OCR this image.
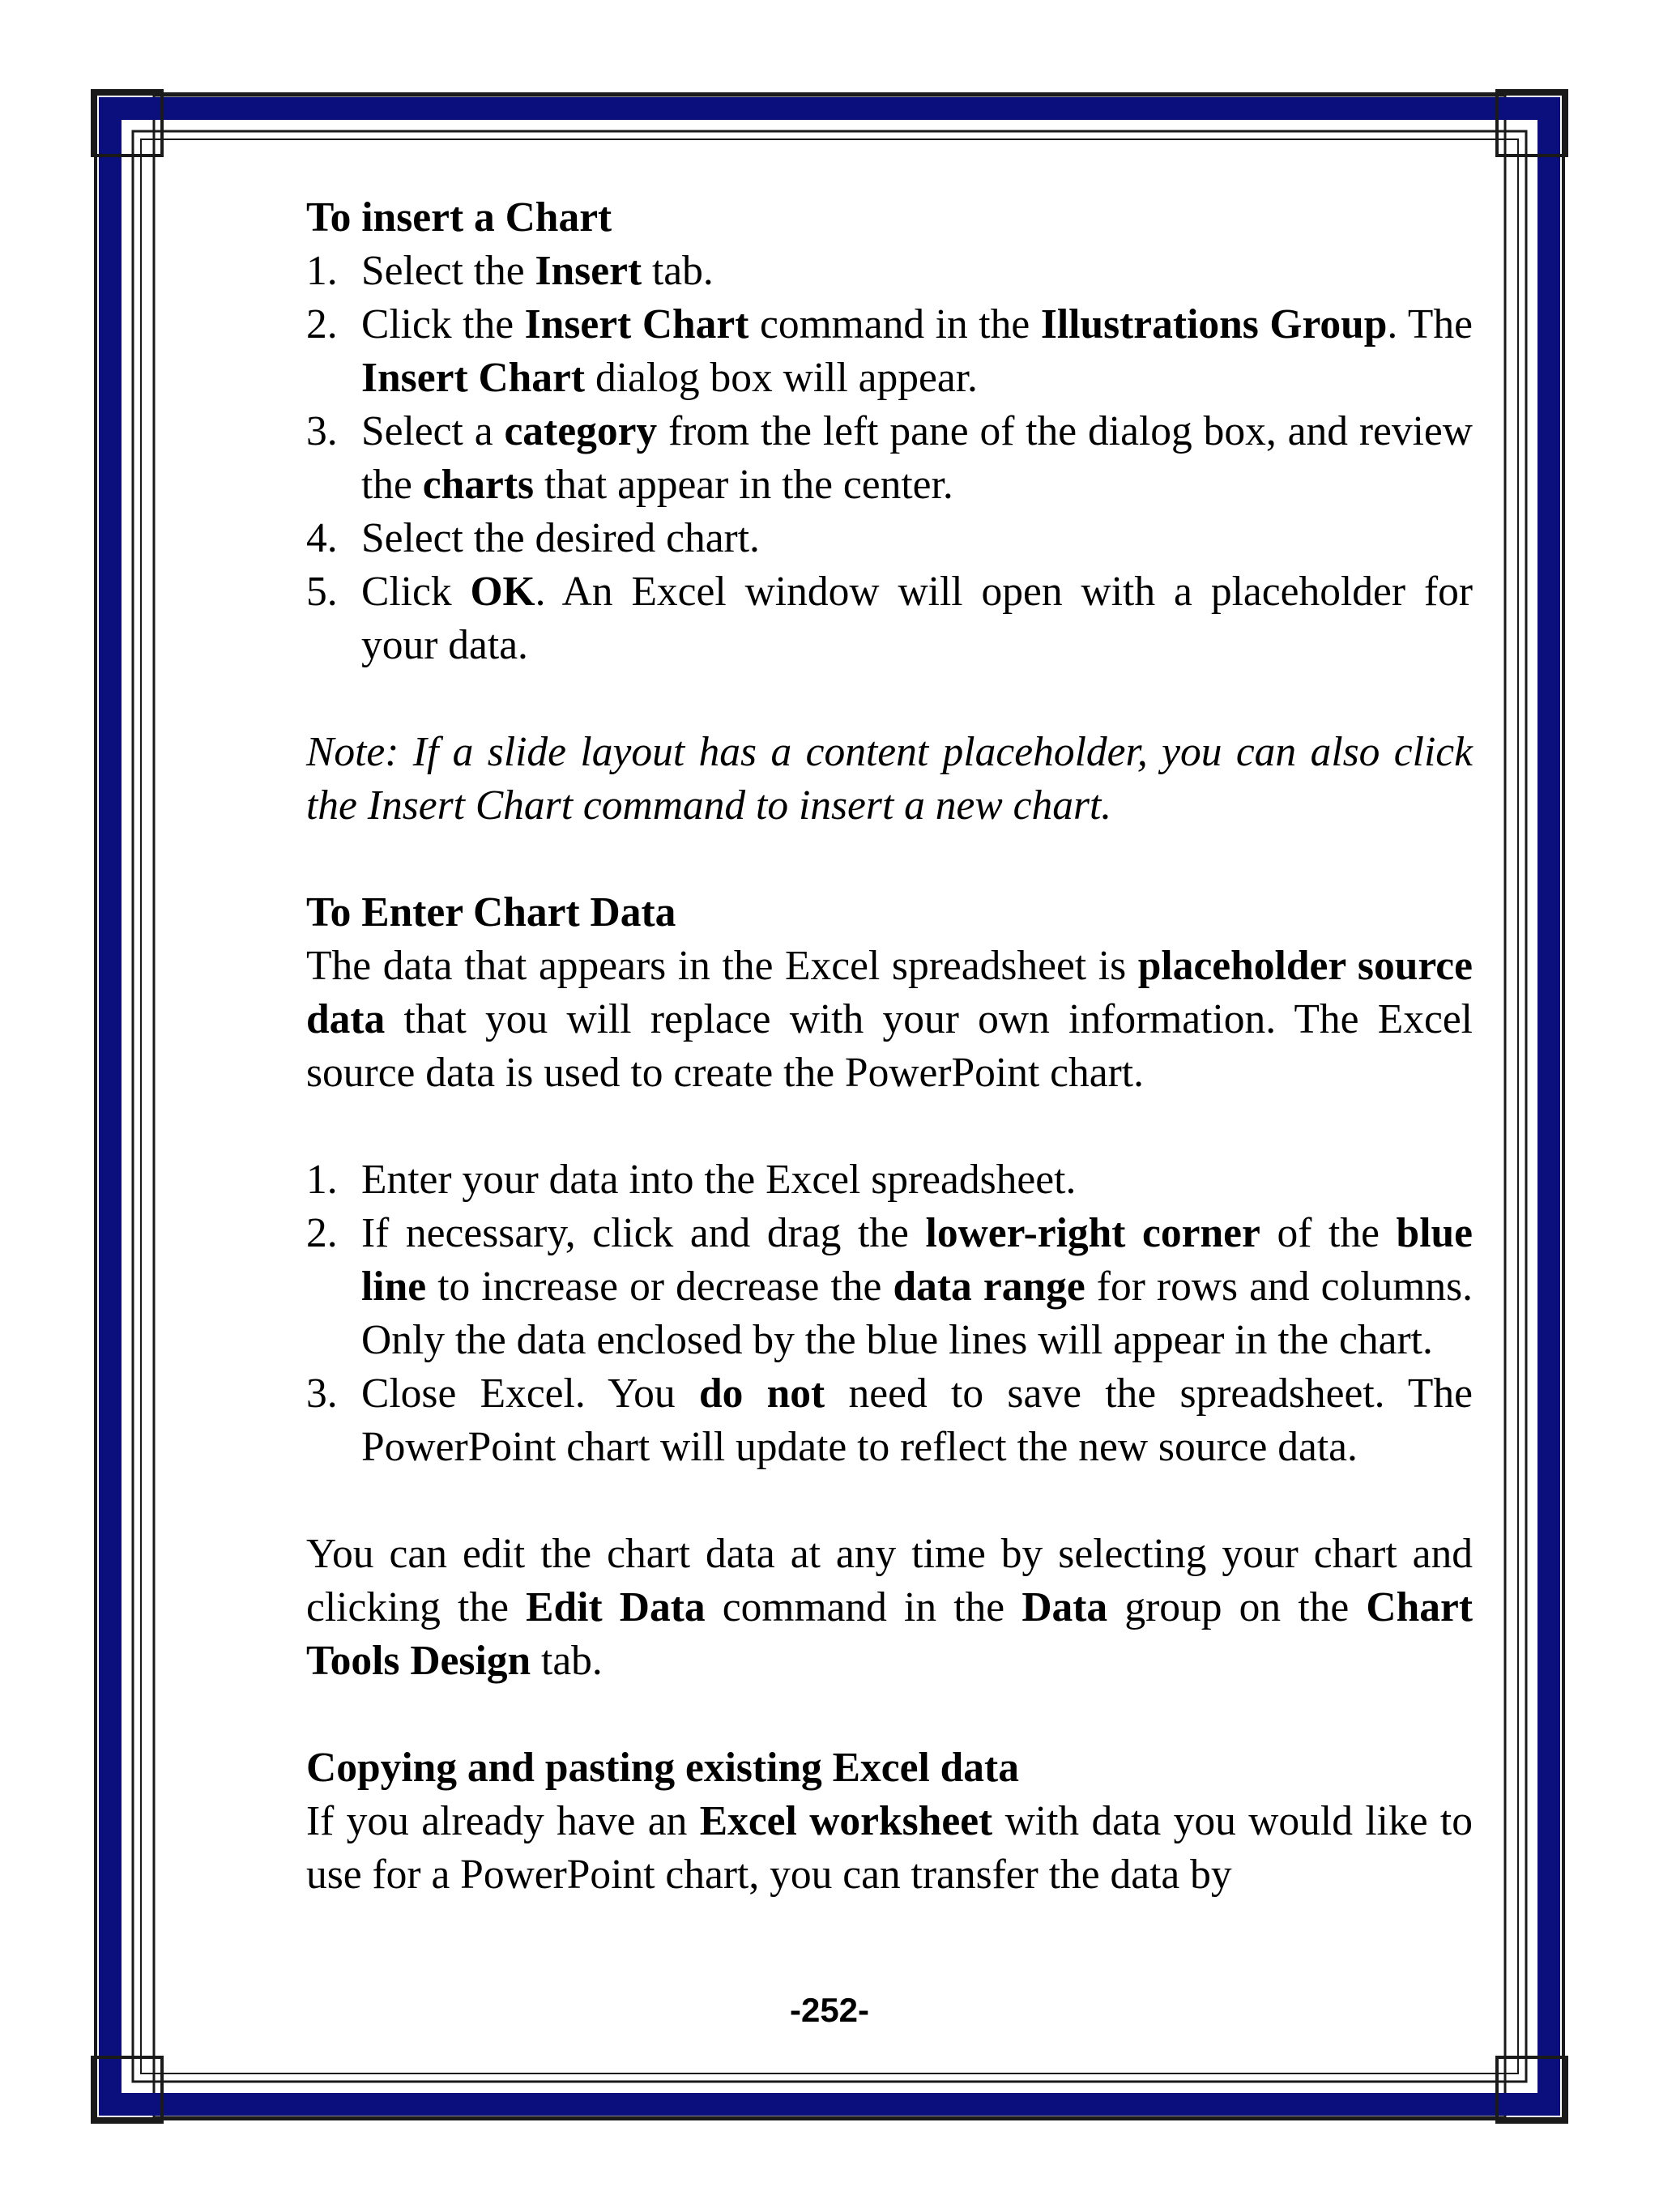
To insert a Chart

1. Select the Insert tab.
2. Click the Insert Chart command in the Illustrations Group. The Insert Chart dialog box will appear.
3. Select a category from the left pane of the dialog box, and review the charts that appear in the center.
4. Select the desired chart.
5. Click OK. An Excel window will open with a placeholder for your data.

Note: If a slide layout has a content placeholder, you can also click the Insert Chart command to insert a new chart.

To Enter Chart Data

The data that appears in the Excel spreadsheet is placeholder source data that you will replace with your own information. The Excel source data is used to create the PowerPoint chart.

1. Enter your data into the Excel spreadsheet.
2. If necessary, click and drag the lower-right corner of the blue line to increase or decrease the data range for rows and columns. Only the data enclosed by the blue lines will appear in the chart.
3. Close Excel. You do not need to save the spreadsheet. The PowerPoint chart will update to reflect the new source data.

You can edit the chart data at any time by selecting your chart and clicking the Edit Data command in the Data group on the Chart Tools Design tab.

Copying and pasting existing Excel data

If you already have an Excel worksheet with data you would like to use for a PowerPoint chart, you can transfer the data by

-252-
